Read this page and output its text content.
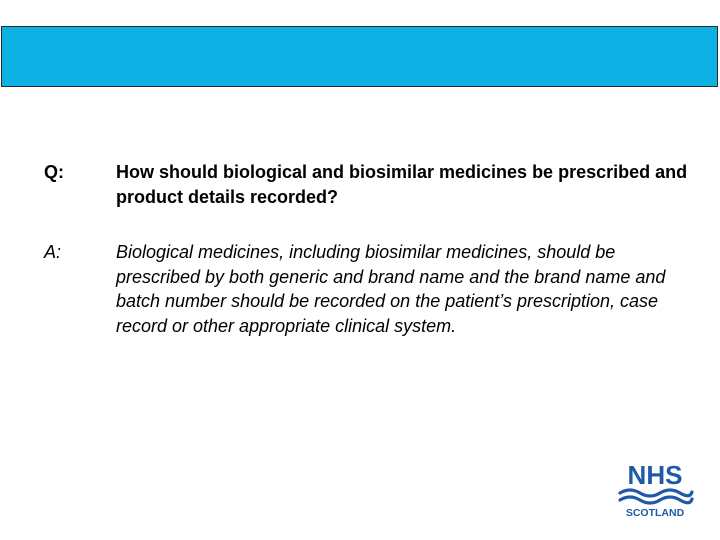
Q:	How should biological and biosimilar medicines be prescribed and product details recorded?

A:	Biological medicines, including biosimilar medicines, should be prescribed by both generic and brand name and the brand name and batch number should be recorded on the patient’s prescription, case record or other appropriate clinical system.

NHS
SCOTLAND
